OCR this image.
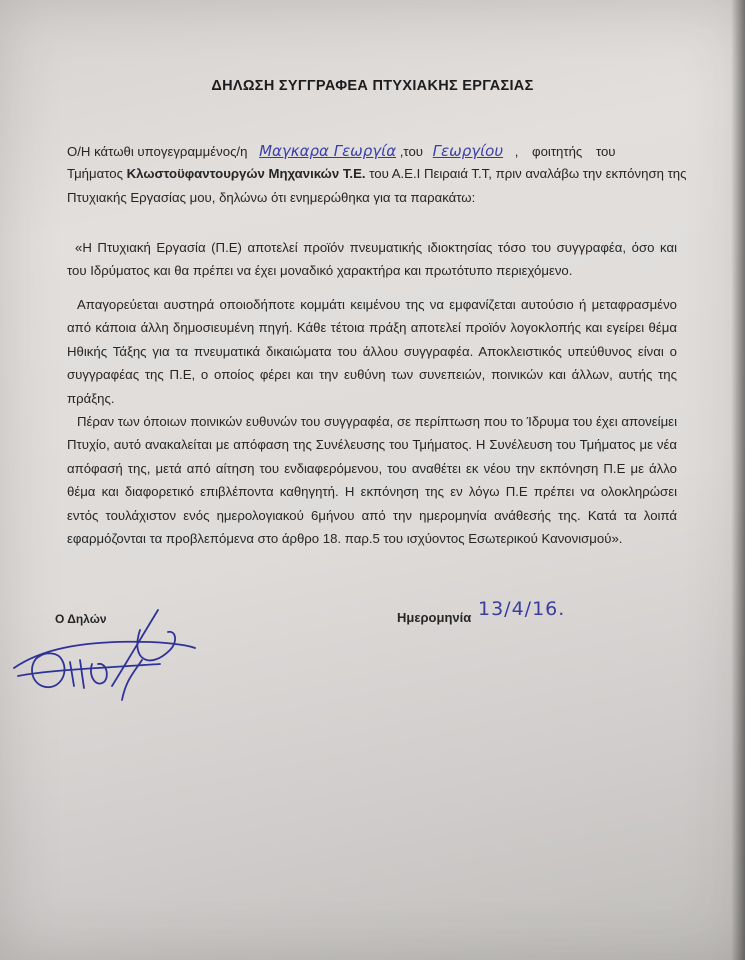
ΔΗΛΩΣΗ ΣΥΓΓΡΑΦΕΑ ΠΤΥΧΙΑΚΗΣ ΕΡΓΑΣΙΑΣ
Ο/Η κάτωθι υπογεγραμμένος/η Μαγκαρα Γεωργία ,του Γεωργίου , φοιτητής του
Τμήματος Κλωστοϋφαντουργών Μηχανικών Τ.Ε. του Α.Ε.Ι Πειραιά Τ.Τ, πριν αναλάβω την εκπόνηση της
Πτυχιακής Εργασίας μου, δηλώνω ότι ενημερώθηκα για τα παρακάτω:
«Η Πτυχιακή Εργασία (Π.Ε) αποτελεί προϊόν πνευματικής ιδιοκτησίας τόσο του συγγραφέα, όσο και του Ιδρύματος και θα πρέπει να έχει μοναδικό χαρακτήρα και πρωτότυπο περιεχόμενο.
Απαγορεύεται αυστηρά οποιοδήποτε κομμάτι κειμένου της να εμφανίζεται αυτούσιο ή μεταφρασμένο από κάποια άλλη δημοσιευμένη πηγή. Κάθε τέτοια πράξη αποτελεί προϊόν λογοκλοπής και εγείρει θέμα Ηθικής Τάξης για τα πνευματικά δικαιώματα του άλλου συγγραφέα. Αποκλειστικός υπεύθυνος είναι ο συγγραφέας της Π.Ε, ο οποίος φέρει και την ευθύνη των συνεπειών, ποινικών και άλλων, αυτής της πράξης.
Πέραν των όποιων ποινικών ευθυνών του συγγραφέα, σε περίπτωση που το Ίδρυμα του έχει απονείμει Πτυχίο, αυτό ανακαλείται με απόφαση της Συνέλευσης του Τμήματος. Η Συνέλευση του Τμήματος με νέα απόφασή της, μετά από αίτηση του ενδιαφερόμενου, του αναθέτει εκ νέου την εκπόνηση Π.Ε με άλλο θέμα και διαφορετικό επιβλέποντα καθηγητή. Η εκπόνηση της εν λόγω Π.Ε πρέπει να ολοκληρώσει εντός τουλάχιστον ενός ημερολογιακού 6μήνου από την ημερομηνία ανάθεσής της. Κατά τα λοιπά εφαρμόζονται τα προβλεπόμενα στο άρθρο 18. παρ.5 του ισχύοντος Εσωτερικού Κανονισμού».
Ο Δηλών	Ημερομηνία 13/4/16.
